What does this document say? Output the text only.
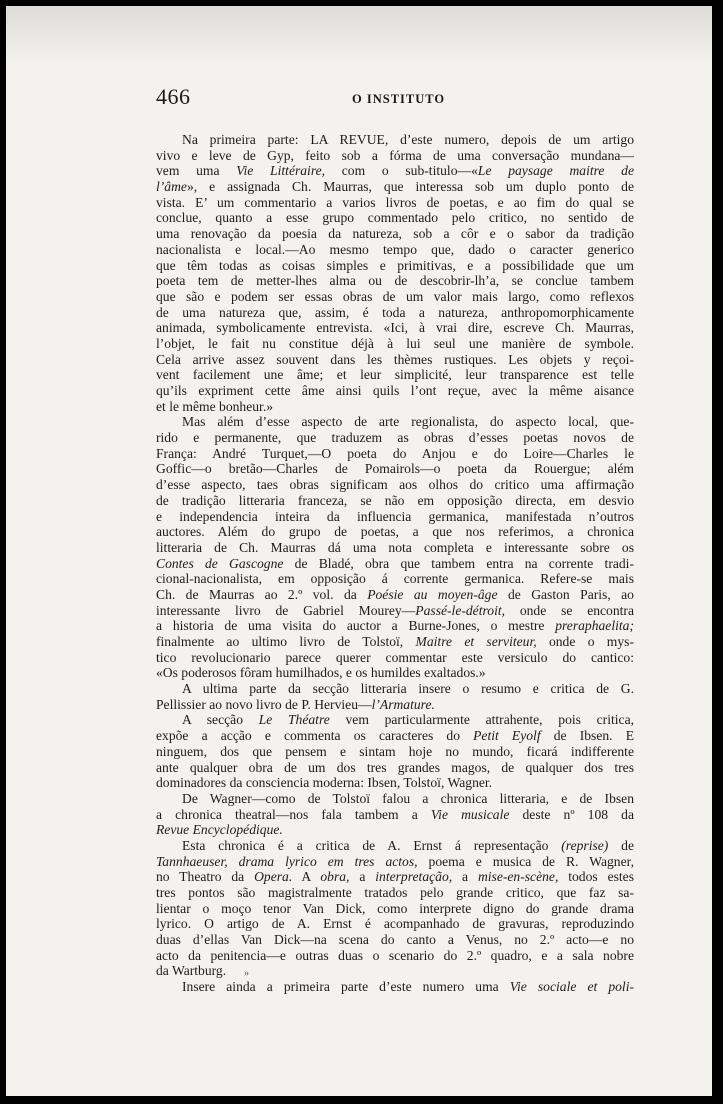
466	O INSTITUTO
Na primeira parte: LA REVUE, d’este numero, depois de um artigo
vivo e leve de Gyp, feito sob a fórma de uma conversação mundana—
vem uma Vie Littéraire, com o sub-titulo—«Le paysage maitre de
l’âme», e assignada Ch. Maurras, que interessa sob um duplo ponto de
vista. E’ um commentario a varios livros de poetas, e ao fim do qual se
conclue, quanto a esse grupo commentado pelo critico, no sentido de
uma renovação da poesia da natureza, sob a côr e o sabor da tradição
nacionalista e local.—Ao mesmo tempo que, dado o caracter generico
que têm todas as coisas simples e primitivas, e a possibilidade que um
poeta tem de metter-lhes alma ou de descobrir-lh’a, se conclue tambem
que são e podem ser essas obras de um valor mais largo, como reflexos
de uma natureza que, assim, é toda a natureza, anthropomorphicamente
animada, symbolicamente entrevista. «Ici, à vrai dire, escreve Ch. Maurras,
l’objet, le fait nu constitue déjà à lui seul une manière de symbole.
Cela arrive assez souvent dans les thèmes rustiques. Les objets y reçoi-
vent facilement une âme; et leur simplicité, leur transparence est telle
qu’ils expriment cette âme ainsi quils l’ont reçue, avec la même aisance
et le même bonheur.»
Mas além d’esse aspecto de arte regionalista, do aspecto local, que-
rido e permanente, que traduzem as obras d’esses poetas novos de
França: André Turquet,—O poeta do Anjou e do Loire—Charles le
Goffic—o bretão—Charles de Pomairols—o poeta da Rouergue; além
d’esse aspecto, taes obras significam aos olhos do critico uma affirmação
de tradição litteraria franceza, se não em opposição directa, em desvio
e independencia inteira da influencia germanica, manifestada n’outros
auctores. Além do grupo de poetas, a que nos referimos, a chronica
litteraria de Ch. Maurras dá uma nota completa e interessante sobre os
Contes de Gascogne de Bladé, obra que tambem entra na corrente tradi-
cional-nacionalista, em opposição á corrente germanica. Refere-se mais
Ch. de Maurras ao 2.º vol. da Poésie au moyen-âge de Gaston Paris, ao
interessante livro de Gabriel Mourey—Passé-le-détroit, onde se encontra
a historia de uma visita do auctor a Burne-Jones, o mestre preraphaelita;
finalmente ao ultimo livro de Tolstoï, Maitre et serviteur, onde o mys-
tico revolucionario parece querer commentar este versiculo do cantico:
«Os poderosos fôram humilhados, e os humildes exaltados.»
A ultima parte da secção litteraria insere o resumo e critica de G.
Pellissier ao novo livro de P. Hervieu—l’Armature.
A secção Le Théatre vem particularmente attrahente, pois critica,
expõe a acção e commenta os caracteres do Petit Eyolf de Ibsen. E
ninguem, dos que pensem e sintam hoje no mundo, ficará indifferente
ante qualquer obra de um dos tres grandes magos, de qualquer dos tres
dominadores da consciencia moderna: Ibsen, Tolstoï, Wagner.
De Wagner—como de Tolstoï falou a chronica litteraria, e de Ibsen
a chronica theatral—nos fala tambem a Vie musicale deste nº 108 da
Revue Encyclopédique.
Esta chronica é a critica de A. Ernst á representação (reprise) de
Tannhaeuser, drama lyrico em tres actos, poema e musica de R. Wagner,
no Theatro da Opera. A obra, a interpretação, a mise-en-scène, todos estes
tres pontos são magistralmente tratados pelo grande critico, que faz sa-
lientar o moço tenor Van Dick, como interprete digno do grande drama
lyrico. O artigo de A. Ernst é acompanhado de gravuras, reproduzindo
duas d’ellas Van Dick—na scena do canto a Venus, no 2.º acto—e no
acto da penitencia—e outras duas o scenario do 2.º quadro, e a sala nobre
da Wartburg.
Insere ainda a primeira parte d’este numero uma Vie sociale et poli-
»
